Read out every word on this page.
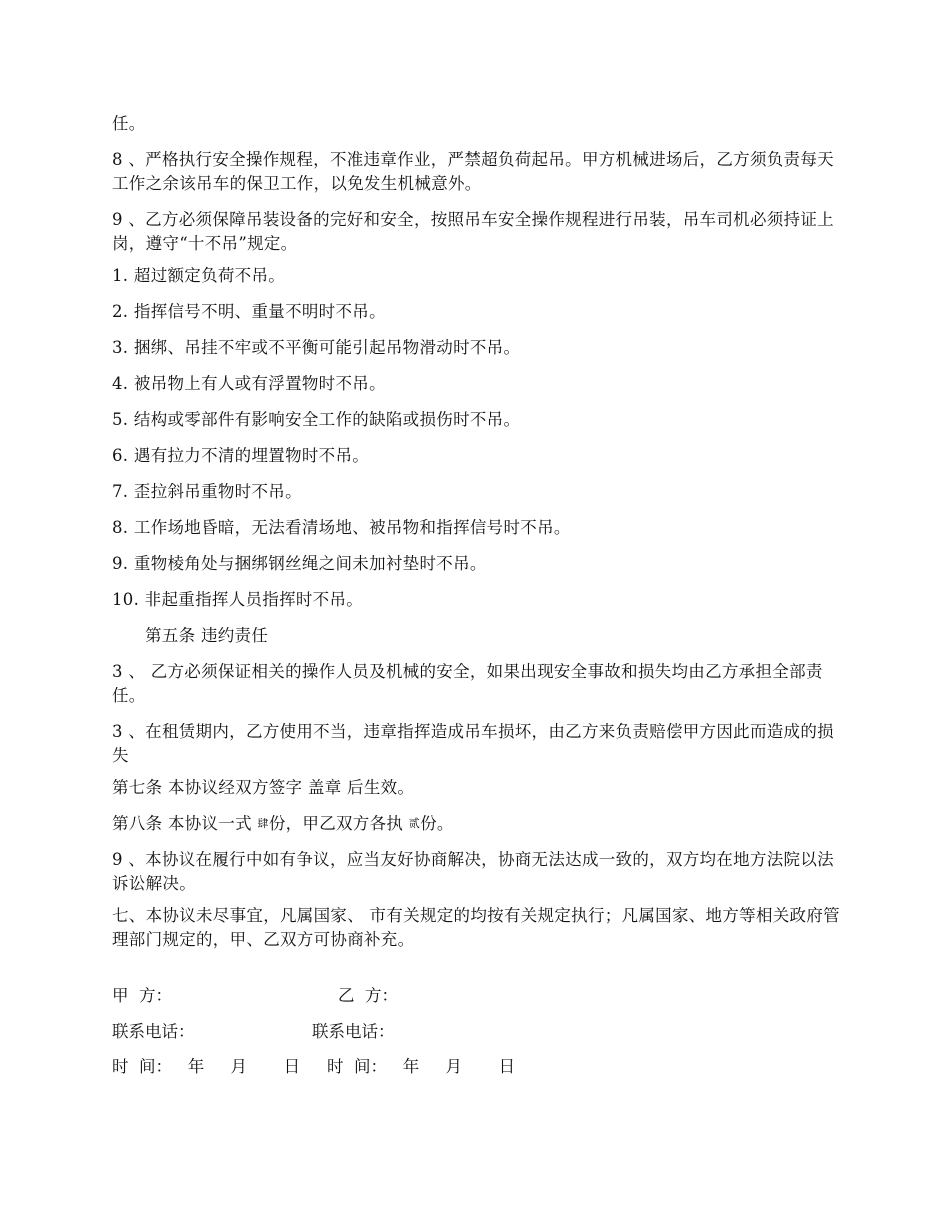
任。
8 、严格执行安全操作规程，不准违章作业，严禁超负荷起吊。甲方机械进场后，乙方须负责每天工作之余该吊车的保卫工作，以免发生机械意外。
9 、乙方必须保障吊装设备的完好和安全，按照吊车安全操作规程进行吊装，吊车司机必须持证上岗，遵守“十不吊”规定。
1. 超过额定负荷不吊。
2. 指挥信号不明、重量不明时不吊。
3. 捆绑、吊挂不牢或不平衡可能引起吊物滑动时不吊。
4. 被吊物上有人或有浮置物时不吊。
5. 结构或零部件有影响安全工作的缺陷或损伤时不吊。
6. 遇有拉力不清的埋置物时不吊。
7. 歪拉斜吊重物时不吊。
8. 工作场地昏暗，无法看清场地、被吊物和指挥信号时不吊。
9. 重物棱角处与捆绑钢丝绳之间未加衬垫时不吊。
10. 非起重指挥人员指挥时不吊。
第五条 违约责任
3 、 乙方必须保证相关的操作人员及机械的安全，如果出现安全事故和损失均由乙方承担全部责任。
3 、在租赁期内，乙方使用不当，违章指挥造成吊车损坏，由乙方来负责赔偿甲方因此而造成的损失
第七条 本协议经双方签字 盖章 后生效。
第八条 本协议一式 肆份，甲乙双方各执 贰份。
9 、本协议在履行中如有争议，应当友好协商解决，协商无法达成一致的，双方均在地方法院以法诉讼解决。
七、本协议未尽事宜，凡属国家、 市有关规定的均按有关规定执行；凡属国家、地方等相关政府管理部门规定的，甲、乙双方可协商补充。
甲  方：	乙  方：
联系电话：	联系电话：
时  间：   年     月       日 时  间：   年     月       日
